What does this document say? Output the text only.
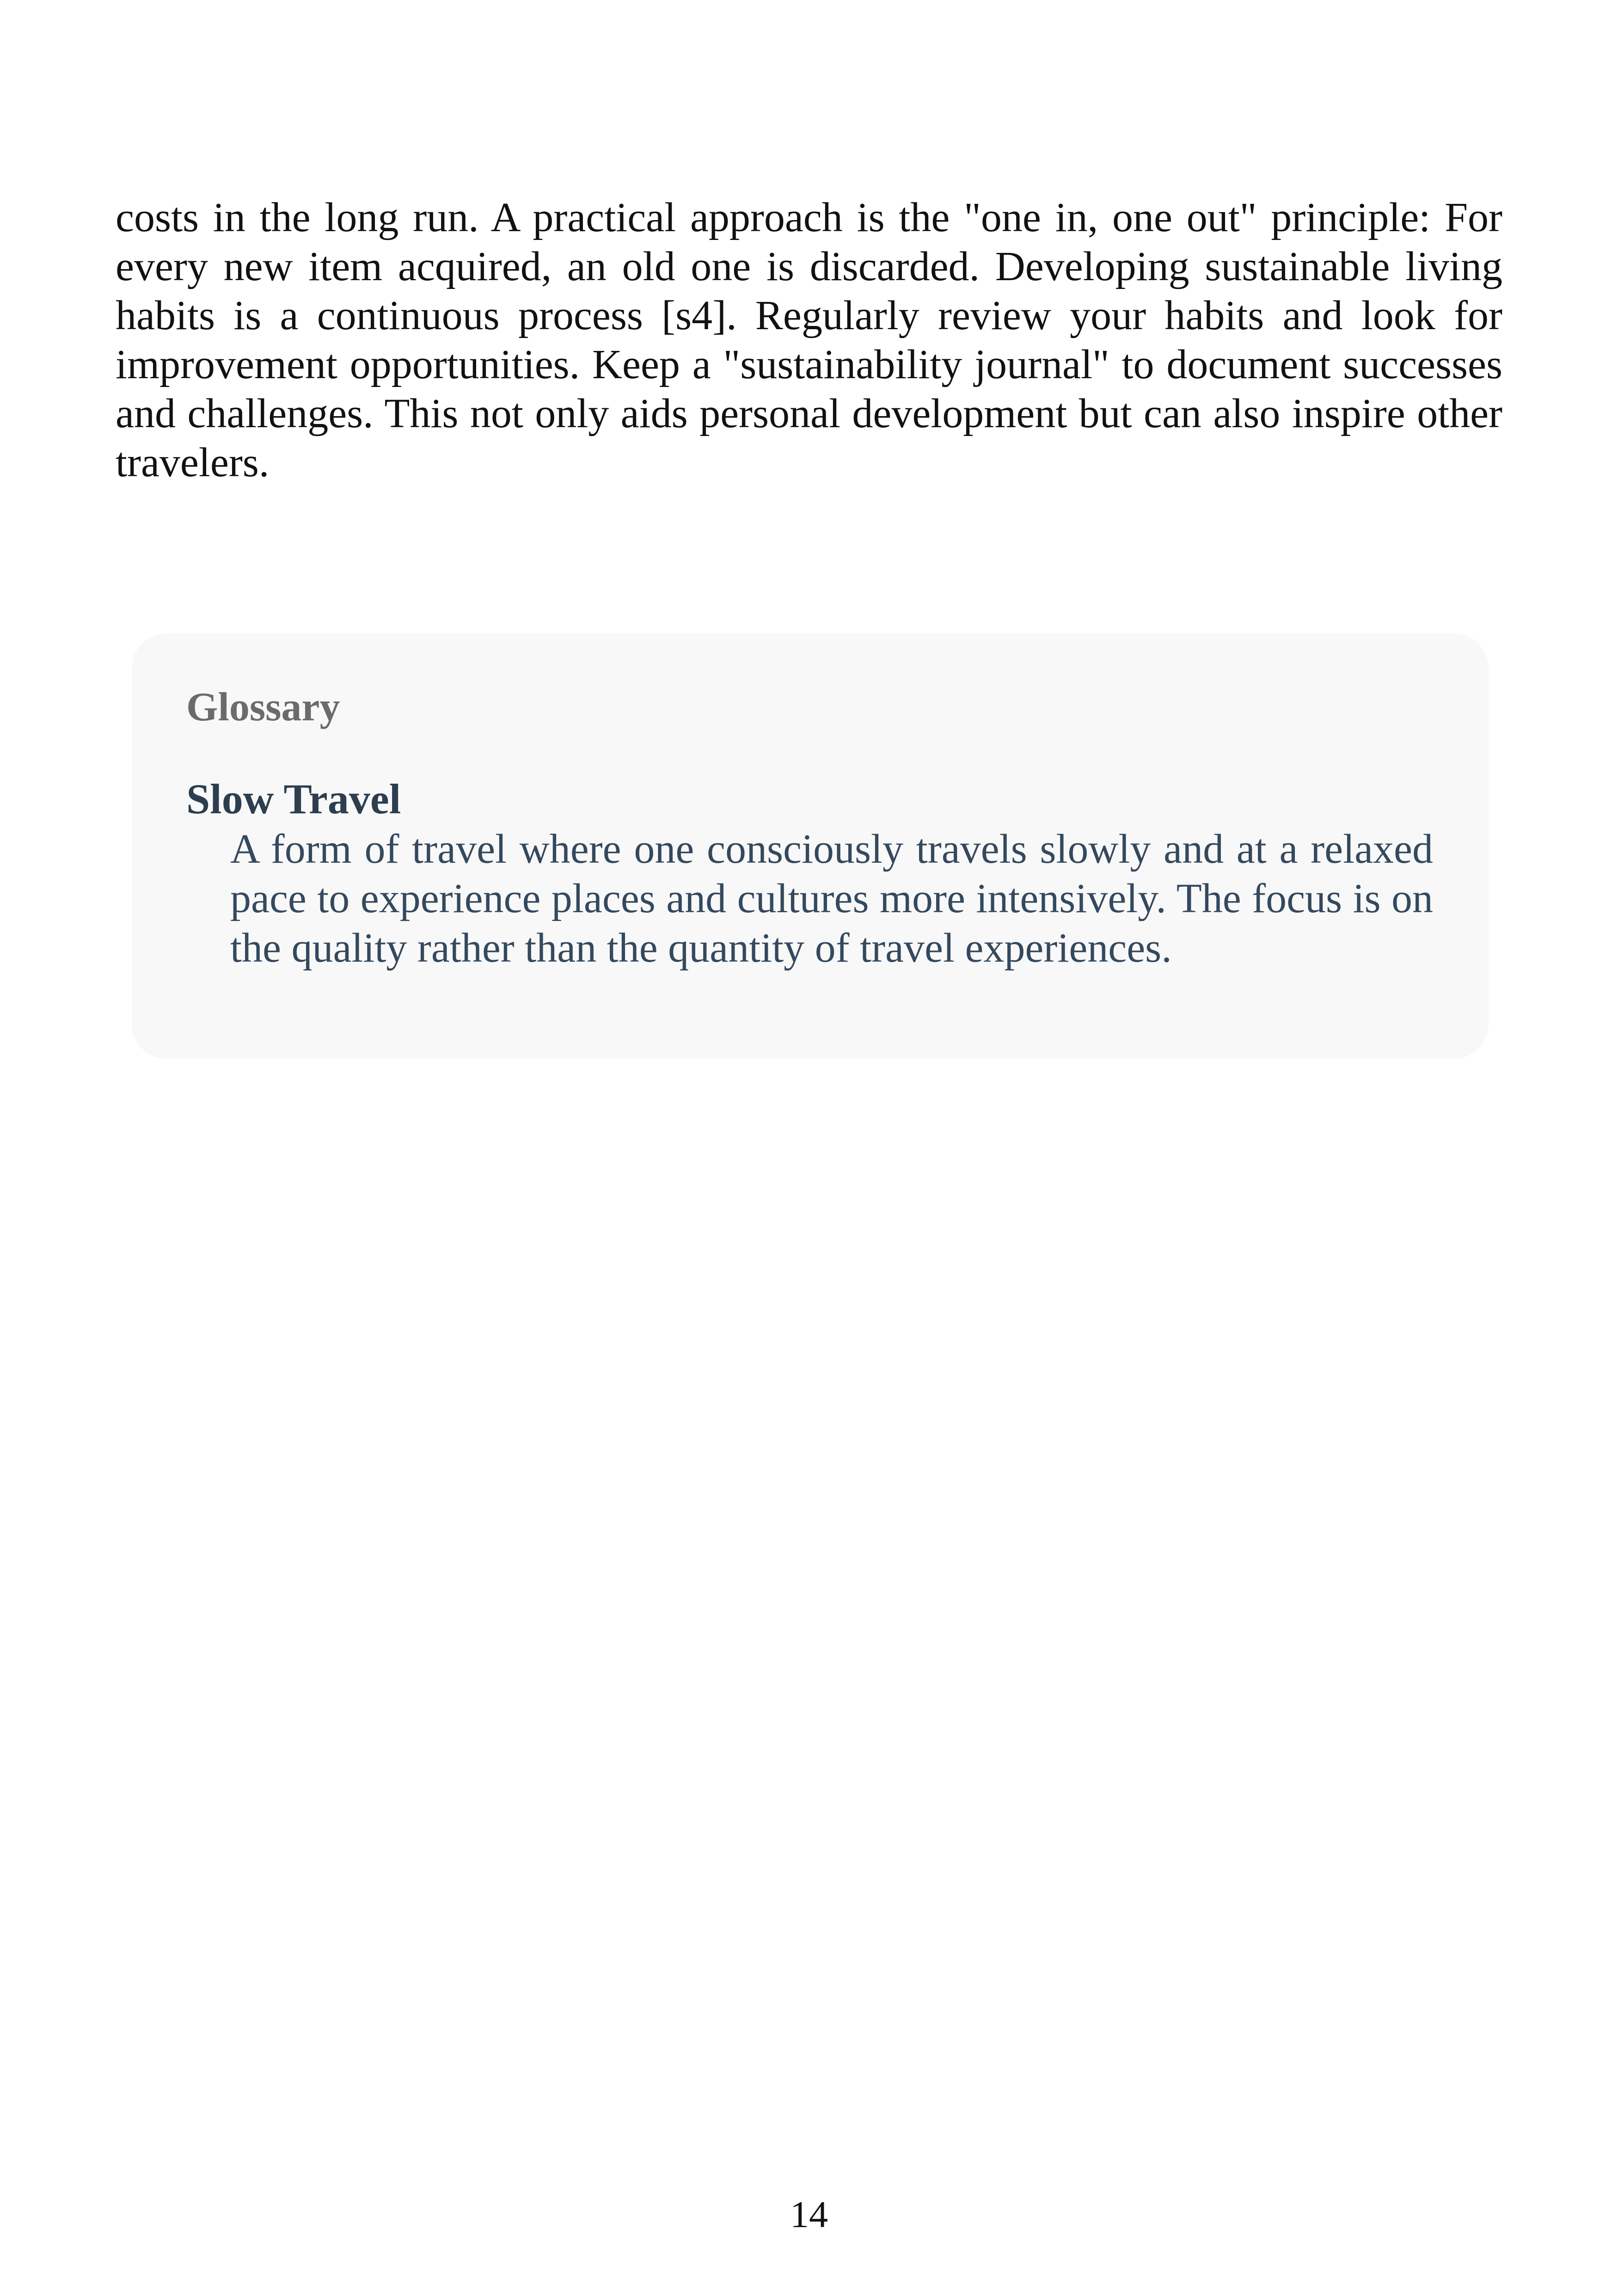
costs in the long run. A practical approach is the "one in, one out" principle: For every new item acquired, an old one is discarded. Developing sustainable living habits is a continuous process [s4]. Regularly review your habits and look for improvement opportunities. Keep a "sustainability journal" to document successes and challenges. This not only aids personal development but can also inspire other travelers.

Glossary
Slow Travel

A form of travel where one consciously travels slowly and at a relaxed pace to experience places and cultures more intensively. The focus is on the quality rather than the quantity of travel experiences.

14
